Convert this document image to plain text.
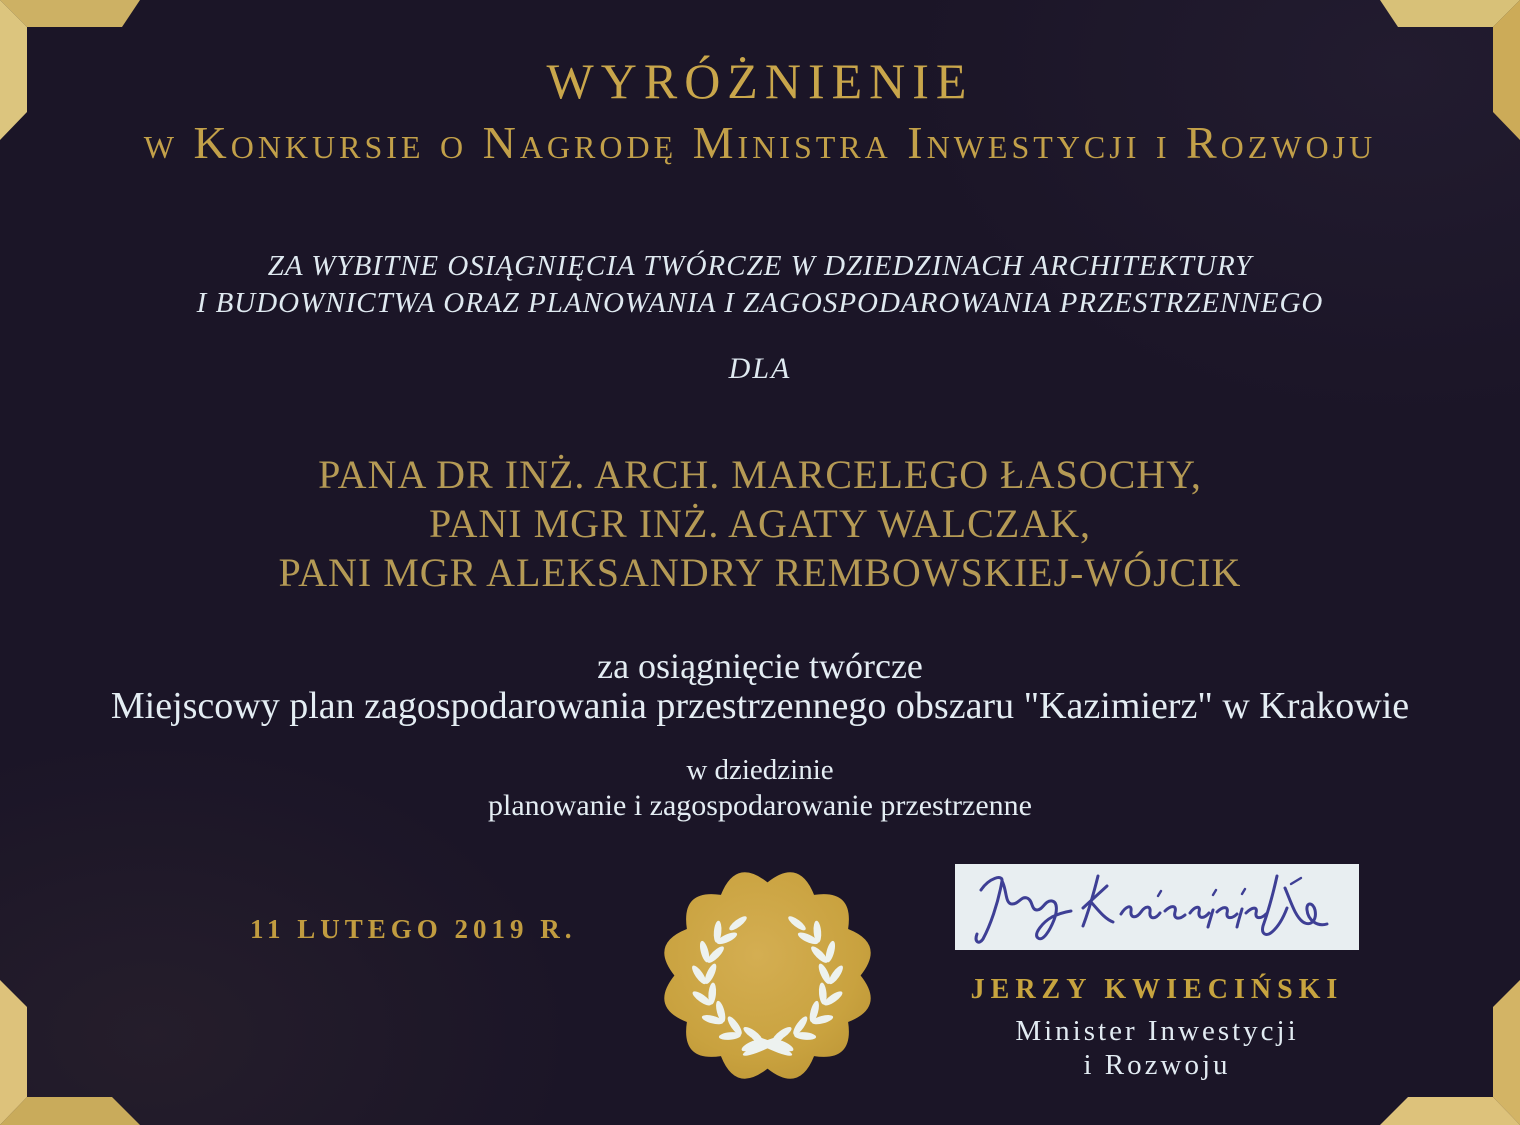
WYRÓŻNIENIE
w Konkursie o Nagrodę Ministra Inwestycji i Rozwoju
ZA WYBITNE OSIĄGNIĘCIA TWÓRCZE W DZIEDZINACH ARCHITEKTURY
I BUDOWNICTWA ORAZ PLANOWANIA I ZAGOSPODAROWANIA PRZESTRZENNEGO
DLA
PANA DR INŻ. ARCH. MARCELEGO ŁASOCHY,
PANI MGR INŻ. AGATY WALCZAK,
PANI MGR ALEKSANDRY REMBOWSKIEJ-WÓJCIK
za osiągnięcie twórcze
Miejscowy plan zagospodarowania przestrzennego obszaru "Kazimierz" w Krakowie
w dziedzinie
planowanie i zagospodarowanie przestrzenne
11 LUTEGO 2019 R.
JERZY KWIECIŃSKI
Minister Inwestycji
i Rozwoju
